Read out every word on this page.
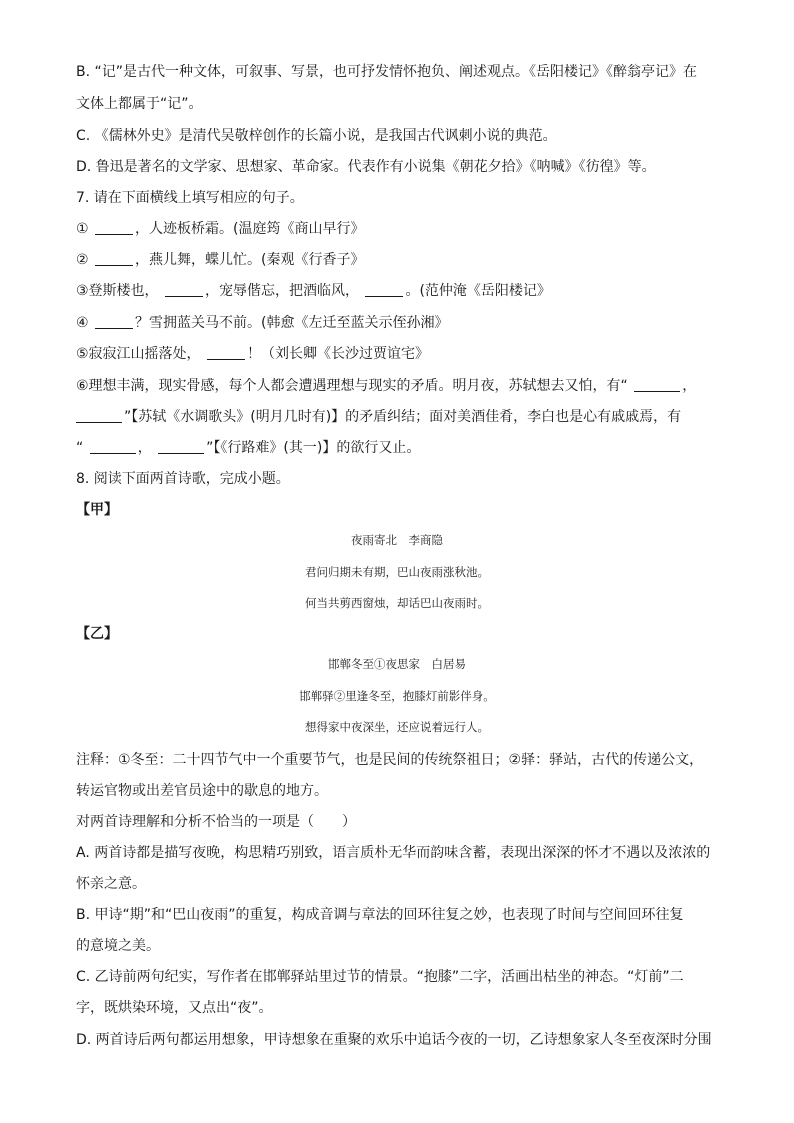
B. “记”是古代一种文体，可叙事、写景，也可抒发情怀抱负、阐述观点。《岳阳楼记》《醉翁亭记》在
文体上都属于“记”。
C. 《儒林外史》是清代吴敬梓创作的长篇小说，是我国古代讽刺小说的典范。
D. 鲁迅是著名的文学家、思想家、革命家。代表作有小说集《朝花夕拾》《呐喊》《彷徨》等。
7. 请在下面横线上填写相应的句子。
①	，人迹板桥霜。(温庭筠《商山早行》
②	，燕儿舞，蝶儿忙。(秦观《行香子》
③登斯楼也，	，宠辱偕忘，把酒临风，	。(范仲淹《岳阳楼记》
④	？雪拥蓝关马不前。(韩愈《左迁至蓝关示侄孙湘》
⑤寂寂江山摇落处，	！（刘长卿《长沙过贾谊宅》
⑥理想丰满，现实骨感，每个人都会遭遇理想与现实的矛盾。明月夜，苏轼想去又怕，有“	，
”【苏轼《水调歌头》(明月几时有)】的矛盾纠结；面对美酒佳肴，李白也是心有戚戚焉，有
“	，	”【《行路难》(其一)】的欲行又止。
8. 阅读下面两首诗歌，完成小题。
【甲】
夜雨寄北　李商隐
君问归期未有期，巴山夜雨涨秋池。
何当共剪西窗烛，却话巴山夜雨时。
【乙】
邯郸冬至①夜思家　白居易
邯郸驿②里逢冬至，抱膝灯前影伴身。
想得家中夜深坐，还应说着远行人。
注释：①冬至：二十四节气中一个重要节气，也是民间的传统祭祖日；②驿：驿站，古代的传递公文，
转运官物或出差官员途中的歇息的地方。
对两首诗理解和分析不恰当的一项是（　　）
A. 两首诗都是描写夜晚，构思精巧别致，语言质朴无华而韵味含蓄，表现出深深的怀才不遇以及浓浓的
怀亲之意。
B. 甲诗“期”和“巴山夜雨”的重复，构成音调与章法的回环往复之妙，也表现了时间与空间回环往复
的意境之美。
C. 乙诗前两句纪实，写作者在邯郸驿站里过节的情景。“抱膝”二字，活画出枯坐的神态。“灯前”二
字，既烘染环境，又点出“夜”。
D. 两首诗后两句都运用想象，甲诗想象在重聚的欢乐中追话今夜的一切，乙诗想象家人冬至夜深时分围
